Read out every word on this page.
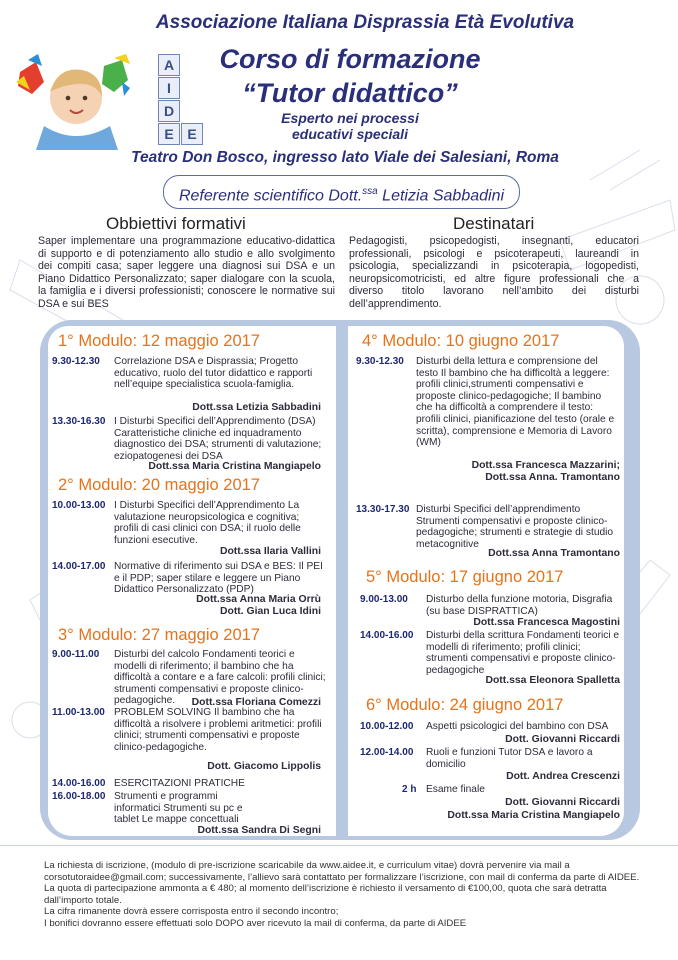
A
I
D
E E
Associazione Italiana Disprassia Età Evolutiva
Corso di formazione
“Tutor didattico”
Esperto nei processi
educativi speciali
Teatro Don Bosco, ingresso lato Viale dei Salesiani, Roma
Referente scientifico Dott.$^{ssa}$ Letizia Sabbadini
Obbiettivi formativi
Saper implementare una programmazione educativo-didattica di supporto e di potenziamento allo studio e allo svolgimento dei compiti casa; saper leggere una diagnosi sui DSA e un Piano Didattico Personalizzato; saper dialogare con la scuola, la famiglia e i diversi professionisti; conoscere le normative sui DSA e sui BES
Destinatari
Pedagogisti, psicopedogisti, insegnanti, educatori professionali, psicologi e psicoterapeuti, laureandi in psicologia, specializzandi in psicoterapia, logopedisti, neuropsicomotricisti, ed altre figure professionali che a diverso titolo lavorano nell’ambito dei disturbi dell’apprendimento.
1° Modulo: 12 maggio 2017
9.30-12.30 Correlazione DSA e Disprassia; Progetto educativo, ruolo del tutor didattico e rapporti nell’equipe specialistica scuola-famiglia.
Dott.ssa Letizia Sabbadini
13.30-16.30 I Disturbi Specifici dell’Apprendimento (DSA) Caratteristiche cliniche ed inquadramento diagnostico dei DSA; strumenti di valutazione; eziopatogenesi dei DSA
Dott.ssa Maria Cristina Mangiapelo
2° Modulo: 20 maggio 2017
10.00-13.00 I Disturbi Specifici dell’Apprendimento La valutazione neuropsicologica e cognitiva; profili di casi clinici con DSA; il ruolo delle funzioni esecutive.
Dott.ssa Ilaria Vallini
14.00-17.00 Normative di riferimento sui DSA e BES: Il PEI e il PDP; saper stilare e leggere un Piano Didattico Personalizzato (PDP)
Dott.ssa Anna Maria Orrù
Dott. Gian Luca Idini
3° Modulo: 27 maggio 2017
9.00-11.00 Disturbi del calcolo Fondamenti teorici e modelli di riferimento; il bambino che ha difficoltà a contare e a fare calcoli: profili clinici; strumenti compensativi e proposte clinico-pedagogiche.	Dott.ssa Floriana Comezzi
11.00-13.00 PROBLEM SOLVING Il bambino che ha difficoltà a risolvere i problemi aritmetici: profili clinici; strumenti compensativi e proposte clinico-pedagogiche.
Dott. Giacomo Lippolis
14.00-16.00 ESERCITAZIONI PRATICHE
16.00-18.00 Strumenti e programmi informatici Strumenti su pc e tablet Le mappe concettuali
Dott.ssa Sandra Di Segni
4° Modulo: 10 giugno 2017
9.30-12.30 Disturbi della lettura e comprensione del testo Il bambino che ha difficoltà a leggere: profili clinici,strumenti compensativi e proposte clinico-pedagogiche; Il bambino che ha difficoltà a comprendere il testo: profili clinici, pianificazione del testo (orale e scritta), comprensione e Memoria di Lavoro (WM)
Dott.ssa Francesca Mazzarini;
Dott.ssa Anna. Tramontano
13.30-17.30 Disturbi Specifici dell’apprendimento Strumenti compensativi e proposte clinico-pedagogiche; strumenti e strategie di studio metacognitive
Dott.ssa Anna Tramontano
5° Modulo: 17 giugno 2017
9.00-13.00 Disturbo della funzione motoria, Disgrafia (su base DISPRATTICA)
Dott.ssa Francesca Magostini
14.00-16.00 Disturbi della scrittura Fondamenti teorici e modelli di riferimento; profili clinici; strumenti compensativi e proposte clinico-pedagogiche
Dott.ssa Eleonora Spalletta
6° Modulo: 24 giugno 2017
10.00-12.00 Aspetti psicologici del bambino con DSA
Dott. Giovanni Riccardi
12.00-14.00 Ruoli e funzioni Tutor DSA e lavoro a domicilio
Dott. Andrea Crescenzi
2 h Esame finale
Dott. Giovanni Riccardi
Dott.ssa Maria Cristina Mangiapelo
La richiesta di iscrizione, (modulo di pre-iscrizione scaricabile da www.aidee.it, e curriculum vitae) dovrà pervenire via mail a corsotutoraidee@gmail.com; successivamente, l’allievo sarà contattato per formalizzare l’iscrizione, con mail di conferma da parte di AIDEE. La quota di partecipazione ammonta a € 480; al momento dell’iscrizione è richiesto il versamento di €100,00, quota che sarà detratta dall’importo totale.
La cifra rimanente dovrà essere corrisposta entro il secondo incontro;
I bonifici dovranno essere effettuati solo DOPO aver ricevuto la mail di conferma, da parte di AIDEE
